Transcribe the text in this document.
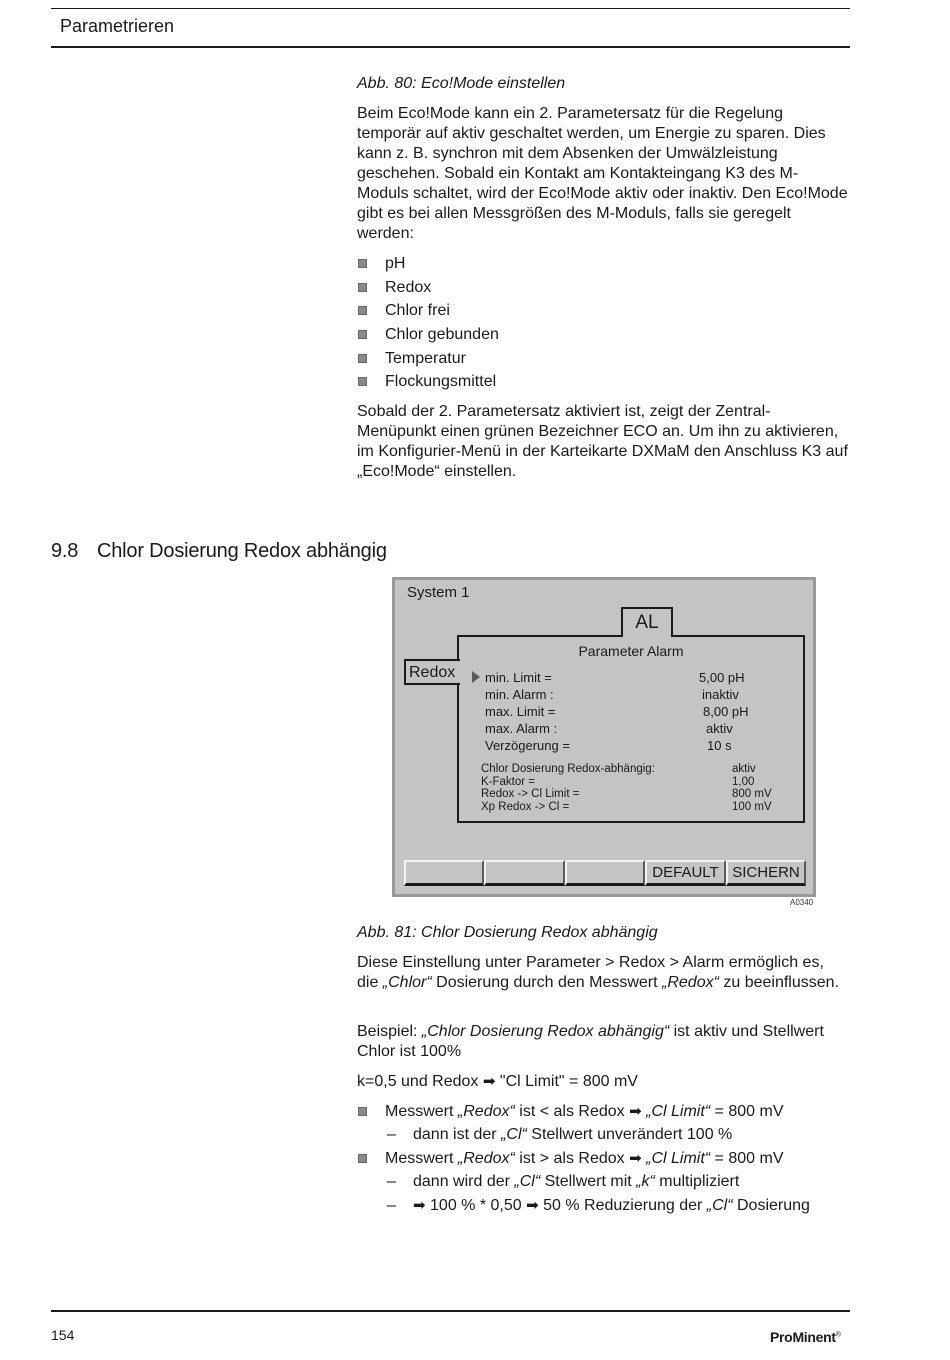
Parametrieren
Abb. 80: Eco!Mode einstellen

Beim Eco!Mode kann ein 2. Parametersatz für die Regelung temporär auf aktiv geschaltet werden, um Energie zu sparen. Dies kann z. B. synchron mit dem Absenken der Umwälzleistung geschehen. Sobald ein Kontakt am Kontakteingang K3 des M-Moduls schaltet, wird der Eco!Mode aktiv oder inaktiv. Den Eco!Mode gibt es bei allen Messgrößen des M-Moduls, falls sie geregelt werden:

pH
Redox
Chlor frei
Chlor gebunden
Temperatur
Flockungsmittel

Sobald der 2. Parametersatz aktiviert ist, zeigt der Zentral-Menüpunkt einen grünen Bezeichner ECO an. Um ihn zu aktivieren, im Konfigurier-Menü in der Karteikarte DXMaM den Anschluss K3 auf „Eco!Mode“ einstellen.

9.8 Chlor Dosierung Redox abhängig
System 1
AL
Redox
Parameter Alarm
min. Limit =	5,00 pH
min. Alarm :	inaktiv
max. Limit =	8,00 pH
max. Alarm :	aktiv
Verzögerung =	10 s
Chlor Dosierung Redox-abhängig:	aktiv
K-Faktor =	1,00
Redox -> Cl Limit =	800 mV
Xp Redox -> Cl =	100 mV
DEFAULT SICHERN
A0340
Abb. 81: Chlor Dosierung Redox abhängig

Diese Einstellung unter Parameter > Redox > Alarm ermöglich es, die „Chlor“ Dosierung durch den Messwert „Redox“ zu beeinflussen.

Beispiel: „Chlor Dosierung Redox abhängig“ ist aktiv und Stellwert Chlor ist 100%

k=0,5 und Redox ➡ "Cl Limit" = 800 mV

Messwert „Redox“ ist < als Redox ➡ „Cl Limit“ = 800 mV
– dann ist der „Cl“ Stellwert unverändert 100 %
Messwert „Redox“ ist > als Redox ➡ „Cl Limit“ = 800 mV
– dann wird der „Cl“ Stellwert mit „k“ multipliziert
– ➡ 100 % * 0,50 ➡ 50 % Reduzierung der „Cl“ Dosierung
154	ProMinent®
